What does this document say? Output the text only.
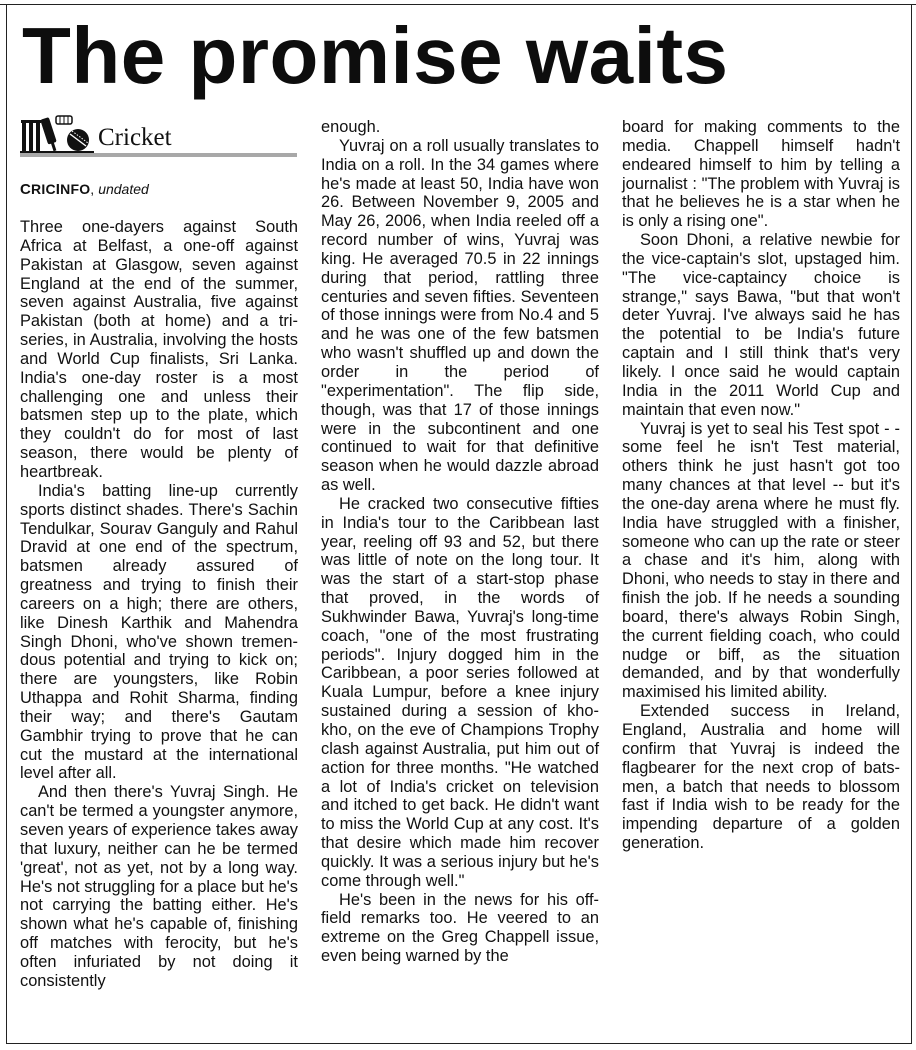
The promise waits
Cricket
CRICINFO, undated

Three one-dayers against South Africa at Belfast, a one-off against Pakistan at Glasgow, seven against England at the end of the summer, seven against Australia, five against Pakistan (both at home) and a tri-series, in Australia, involving the hosts and World Cup finalists, Sri Lanka. India's one-day roster is a most challenging one and unless their batsmen step up to the plate, which they couldn't do for most of last season, there would be plenty of heartbreak.

India's batting line-up currently sports distinct shades. There's Sachin Tendulkar, Sourav Ganguly and Rahul Dravid at one end of the spectrum, batsmen already assured of greatness and trying to finish their careers on a high; there are others, like Dinesh Karthik and Mahendra Singh Dhoni, who've shown tremendous potential and trying to kick on; there are youngsters, like Robin Uthappa and Rohit Sharma, finding their way; and there's Gautam Gambhir trying to prove that he can cut the mustard at the international level after all.

And then there's Yuvraj Singh. He can't be termed a youngster anymore, seven years of experience takes away that luxury, neither can he be termed 'great', not as yet, not by a long way. He's not struggling for a place but he's not carrying the batting either. He's shown what he's capable of, finishing off matches with ferocity, but he's often infuriated by not doing it consistently

enough.

Yuvraj on a roll usually translates to India on a roll. In the 34 games where he's made at least 50, India have won 26. Between November 9, 2005 and May 26, 2006, when India reeled off a record number of wins, Yuvraj was king. He averaged 70.5 in 22 innings during that period, rattling three centuries and seven fifties. Seventeen of those innings were from No.4 and 5 and he was one of the few batsmen who wasn't shuffled up and down the order in the period of "experimentation". The flip side, though, was that 17 of those innings were in the subcontinent and one continued to wait for that definitive season when he would dazzle abroad as well.

He cracked two consecutive fifties in India's tour to the Caribbean last year, reeling off 93 and 52, but there was little of note on the long tour. It was the start of a start-stop phase that proved, in the words of Sukhwinder Bawa, Yuvraj's long-time coach, "one of the most frustrating periods". Injury dogged him in the Caribbean, a poor series followed at Kuala Lumpur, before a knee injury sustained during a session of kho-kho, on the eve of Champions Trophy clash against Australia, put him out of action for three months. "He watched a lot of India's cricket on television and itched to get back. He didn't want to miss the World Cup at any cost. It's that desire which made him recover quickly. It was a serious injury but he's come through well."

He's been in the news for his off-field remarks too. He veered to an extreme on the Greg Chappell issue, even being warned by the

board for making comments to the media. Chappell himself hadn't endeared himself to him by telling a journalist : "The problem with Yuvraj is that he believes he is a star when he is only a rising one".

Soon Dhoni, a relative newbie for the vice-captain's slot, upstaged him. "The vice-captaincy choice is strange," says Bawa, "but that won't deter Yuvraj. I've always said he has the potential to be India's future captain and I still think that's very likely. I once said he would captain India in the 2011 World Cup and maintain that even now."

Yuvraj is yet to seal his Test spot - - some feel he isn't Test material, others think he just hasn't got too many chances at that level -- but it's the one-day arena where he must fly. India have struggled with a finisher, someone who can up the rate or steer a chase and it's him, along with Dhoni, who needs to stay in there and finish the job. If he needs a sounding board, there's always Robin Singh, the current fielding coach, who could nudge or biff, as the situation demanded, and by that wonderfully maximised his limited ability.

Extended success in Ireland, England, Australia and home will confirm that Yuvraj is indeed the flagbearer for the next crop of batsmen, a batch that needs to blossom fast if India wish to be ready for the impending departure of a golden generation.
